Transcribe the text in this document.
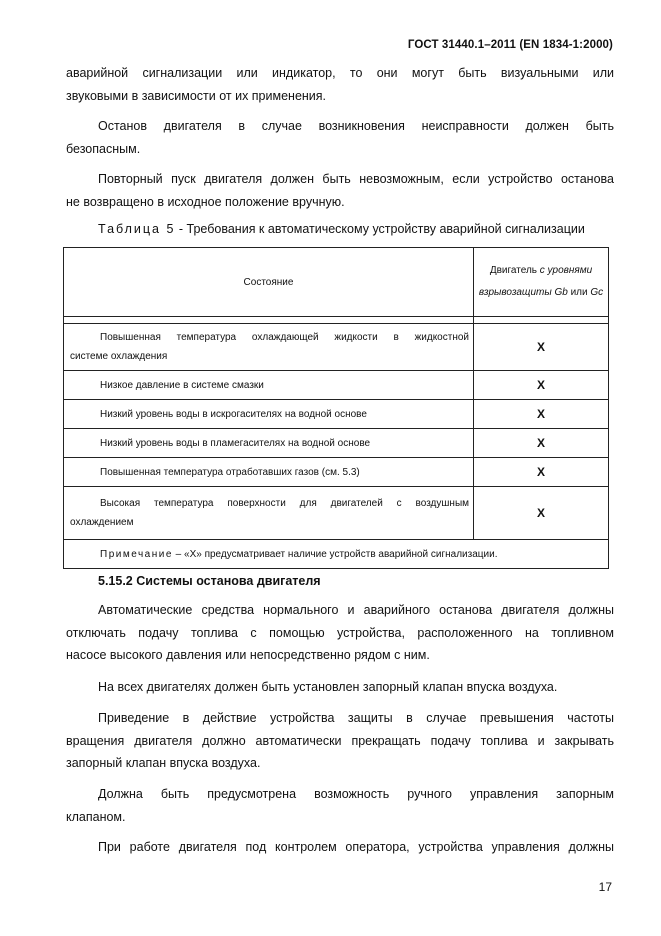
ГОСТ 31440.1–2011 (EN 1834-1:2000)

аварийной сигнализации или индикатор, то они могут быть визуальными или
звуковыми в зависимости от их применения.

Останов двигателя в случае возникновения неисправности должен быть
безопасным.

Повторный пуск двигателя должен быть невозможным, если устройство останова
не возвращено в исходное положение вручную.

Таблица 5 - Требования к автоматическому устройству аварийной сигнализации
Состояние	Двигатель с уровнями
взрывозащиты Gb или Gc

Повышенная температура охлаждающей жидкости в жидкостной
системе охлаждения	X

Низкое давление в системе смазки	X

Низкий уровень воды в искрогасителях на водной основе	X

Низкий уровень воды в пламегасителях на водной основе	X

Повышенная температура отработавших газов (см. 5.3)	X

Высокая температура поверхности для двигателей с воздушным
охлаждением	X
Примечание – «Х» предусматривает наличие устройств аварийной сигнализации.	
5.15.2 Системы останова двигателя

Автоматические средства нормального и аварийного останова двигателя должны
отключать подачу топлива с помощью устройства, расположенного на топливном
насосе высокого давления или непосредственно рядом с ним.

На всех двигателях должен быть установлен запорный клапан впуска воздуха.

Приведение в действие устройства защиты в случае превышения частоты
вращения двигателя должно автоматически прекращать подачу топлива и закрывать
запорный клапан впуска воздуха.

Должна быть предусмотрена возможность ручного управления запорным
клапаном.

При работе двигателя под контролем оператора, устройства управления должны

17
